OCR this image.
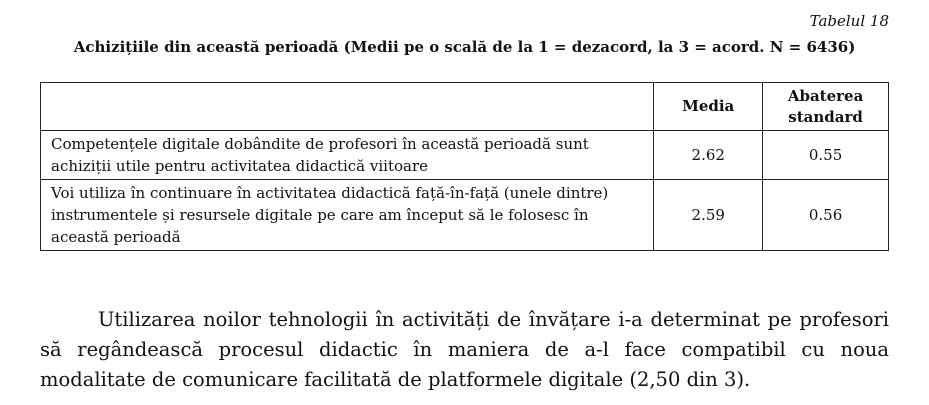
Tabelul 18
Achizițiile din această perioadă (Medii pe o scală de la 1 = dezacord, la 3 = acord. N = 6436)
	Media	Abaterea standard
Competențele digitale dobândite de profesori în această perioadă sunt achiziții utile pentru activitatea didactică viitoare	2.62	0.55
Voi utiliza în continuare în activitatea didactică față-în-față (unele dintre) instrumentele și resursele digitale pe care am început să le folosesc în această perioadă	2.59	0.56

Utilizarea noilor tehnologii în activități de învățare i-a determinat pe profesori să regândească procesul didactic în maniera de a-l face compatibil cu noua modalitate de comunicare facilitată de platformele digitale (2,50 din 3).
